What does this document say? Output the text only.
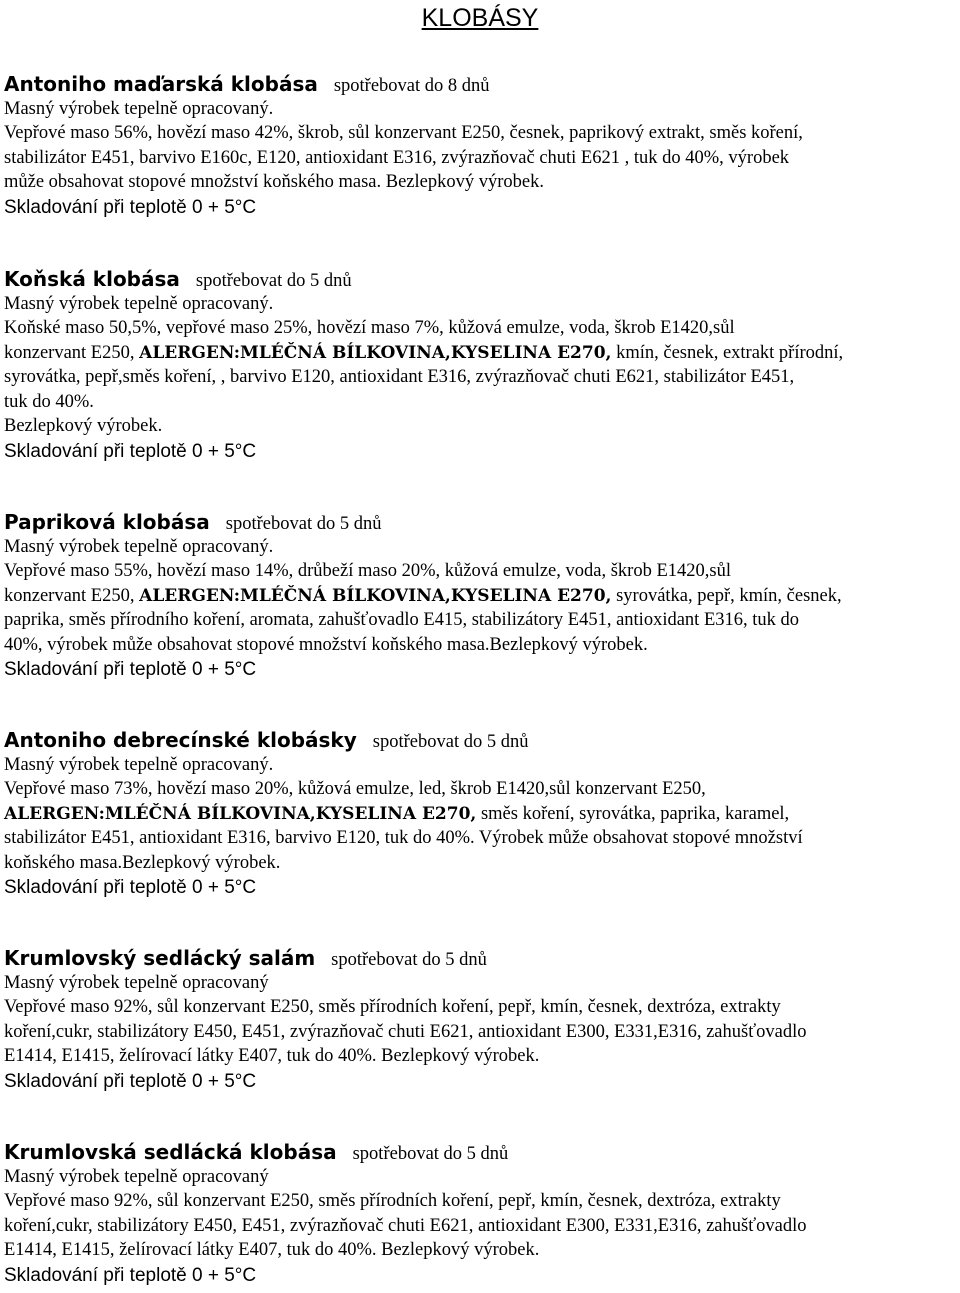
KLOBÁSY
Antoniho maďarská klobása spotřebovat do 8 dnů
Masný výrobek tepelně opracovaný.
Vepřové maso 56%, hovězí maso 42%, škrob, sůl konzervant E250, česnek, paprikový extrakt, směs koření,
stabilizátor E451, barvivo E160c, E120, antioxidant E316, zvýrazňovač chuti E621 , tuk do 40%, výrobek
může obsahovat stopové množství koňského masa. Bezlepkový výrobek.
Skladování při teplotě 0 + 5°C
Koňská klobása spotřebovat do 5 dnů
Masný výrobek tepelně opracovaný.
Koňské maso 50,5%, vepřové maso 25%, hovězí maso 7%, kůžová emulze, voda, škrob E1420,sůl
konzervant E250, ALERGEN:MLÉČNÁ BÍLKOVINA,KYSELINA E270, kmín, česnek, extrakt přírodní,
syrovátka, pepř,směs koření, , barvivo E120, antioxidant E316, zvýrazňovač chuti E621, stabilizátor E451,
tuk do 40%.
Bezlepkový výrobek.
Skladování při teplotě 0 + 5°C
Papriková klobása spotřebovat do 5 dnů
Masný výrobek tepelně opracovaný.
Vepřové maso 55%, hovězí maso 14%, drůbeží maso 20%, kůžová emulze, voda, škrob E1420,sůl
konzervant E250, ALERGEN:MLÉČNÁ BÍLKOVINA,KYSELINA E270, syrovátka, pepř, kmín, česnek,
paprika, směs přírodního koření, aromata, zahušťovadlo E415, stabilizátory E451, antioxidant E316, tuk do
40%, výrobek může obsahovat stopové množství koňského masa.Bezlepkový výrobek.
Skladování při teplotě 0 + 5°C
Antoniho debrecínské klobásky spotřebovat do 5 dnů
Masný výrobek tepelně opracovaný.
Vepřové maso 73%, hovězí maso 20%, kůžová emulze, led, škrob E1420,sůl konzervant E250,
ALERGEN:MLÉČNÁ BÍLKOVINA,KYSELINA E270, směs koření, syrovátka, paprika, karamel,
stabilizátor E451, antioxidant E316, barvivo E120, tuk do 40%. Výrobek může obsahovat stopové množství
koňského masa.Bezlepkový výrobek.
Skladování při teplotě 0 + 5°C
Krumlovský sedlácký salám spotřebovat do 5 dnů
Masný výrobek tepelně opracovaný
Vepřové maso 92%, sůl konzervant E250, směs přírodních koření, pepř, kmín, česnek, dextróza, extrakty
koření,cukr, stabilizátory E450, E451, zvýrazňovač chuti E621, antioxidant E300, E331,E316, zahušťovadlo
E1414, E1415, želírovací látky E407, tuk do 40%. Bezlepkový výrobek.
Skladování při teplotě 0 + 5°C
Krumlovská sedlácká klobása spotřebovat do 5 dnů
Masný výrobek tepelně opracovaný
Vepřové maso 92%, sůl konzervant E250, směs přírodních koření, pepř, kmín, česnek, dextróza, extrakty
koření,cukr, stabilizátory E450, E451, zvýrazňovač chuti E621, antioxidant E300, E331,E316, zahušťovadlo
E1414, E1415, želírovací látky E407, tuk do 40%. Bezlepkový výrobek.
Skladování při teplotě 0 + 5°C
